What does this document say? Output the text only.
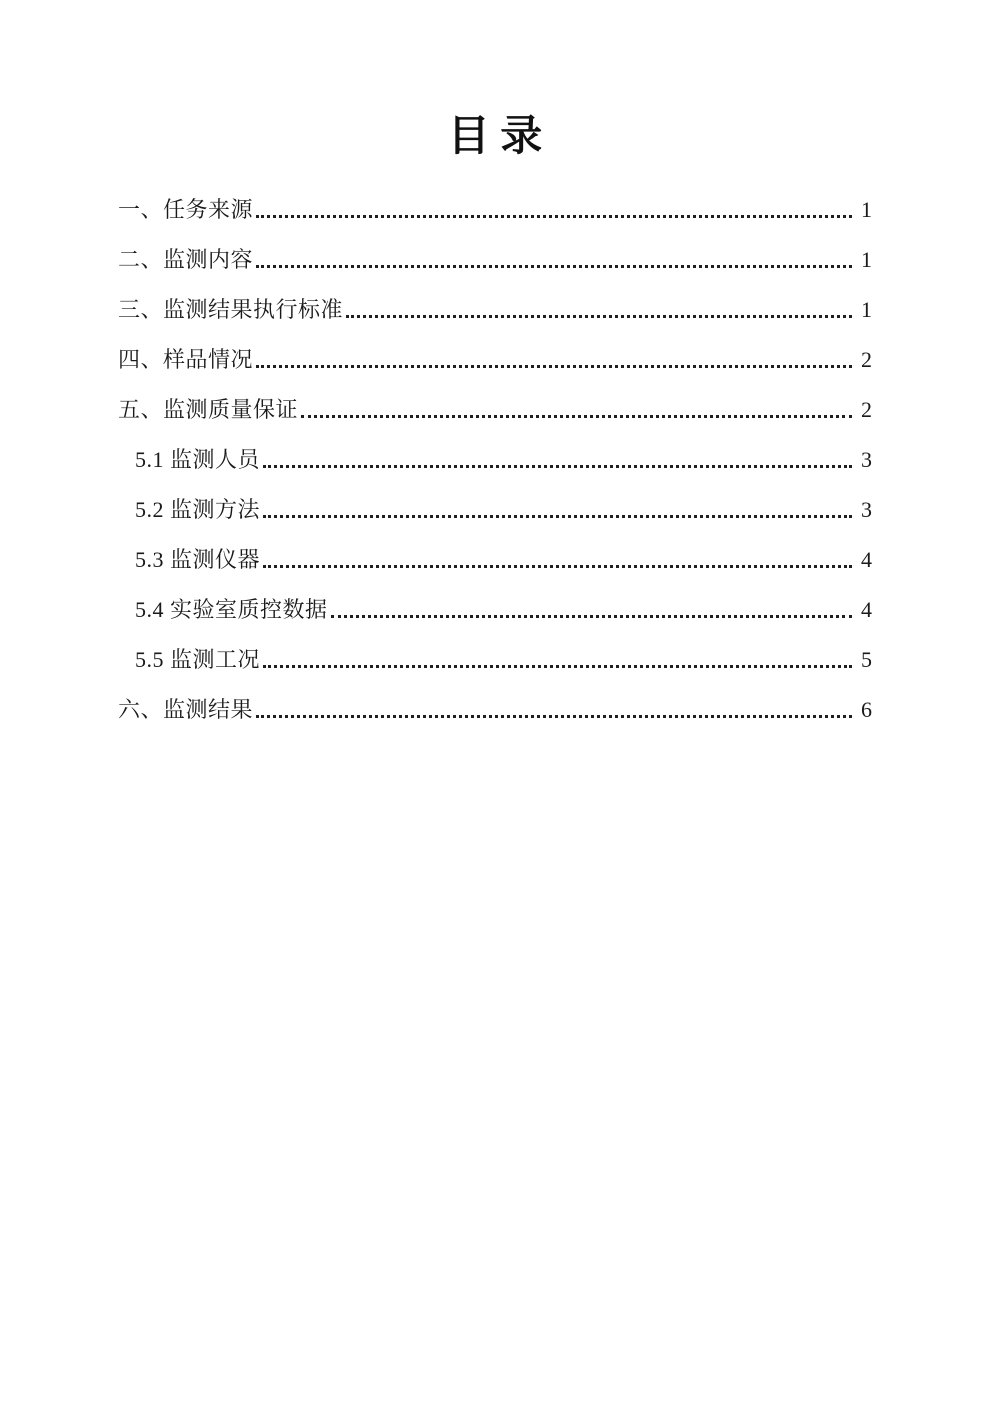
目 录
一、任务来源	1
二、监测内容	1
三、监测结果执行标准	1
四、样品情况	2
五、监测质量保证	2
5.1 监测人员	3
5.2 监测方法	3
5.3 监测仪器	4
5.4 实验室质控数据	4
5.5 监测工况	5
六、监测结果	6
